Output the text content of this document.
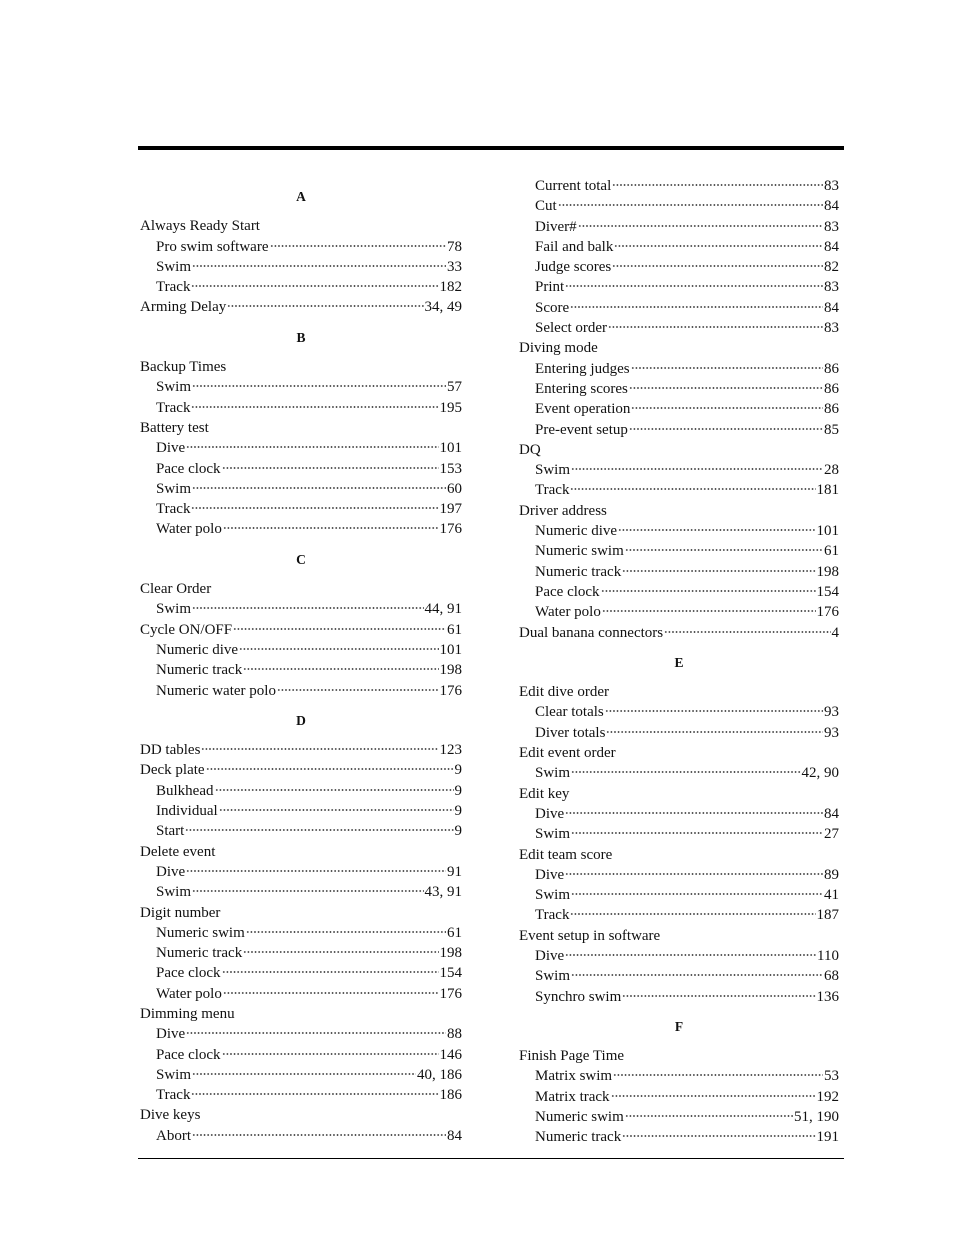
A
Always Ready Start
Pro swim software	78
Swim	33
Track	182
Arming Delay	34, 49
B
Backup Times
Swim	57
Track	195
Battery test
Dive	101
Pace clock	153
Swim	60
Track	197
Water polo	176
C
Clear Order
Swim	44, 91
Cycle ON/OFF	61
Numeric dive	101
Numeric track	198
Numeric water polo	176
D
DD tables	123
Deck plate	9
Bulkhead	9
Individual	9
Start	9
Delete event
Dive	91
Swim	43, 91
Digit number
Numeric swim	61
Numeric track	198
Pace clock	154
Water polo	176
Dimming menu
Dive	88
Pace clock	146
Swim	40, 186
Track	186
Dive keys
Abort	84
Current total	83
Cut	84
Diver#	83
Fail and balk	84
Judge scores	82
Print	83
Score	84
Select order	83
Diving mode
Entering judges	86
Entering scores	86
Event operation	86
Pre-event setup	85
DQ
Swim	28
Track	181
Driver address
Numeric dive	101
Numeric swim	61
Numeric track	198
Pace clock	154
Water polo	176
Dual banana connectors	4
E
Edit dive order
Clear totals	93
Diver totals	93
Edit event order
Swim	42, 90
Edit key
Dive	84
Swim	27
Edit team score
Dive	89
Swim	41
Track	187
Event setup in software
Dive	110
Swim	68
Synchro swim	136
F
Finish Page Time
Matrix swim	53
Matrix track	192
Numeric swim	51, 190
Numeric track	191
